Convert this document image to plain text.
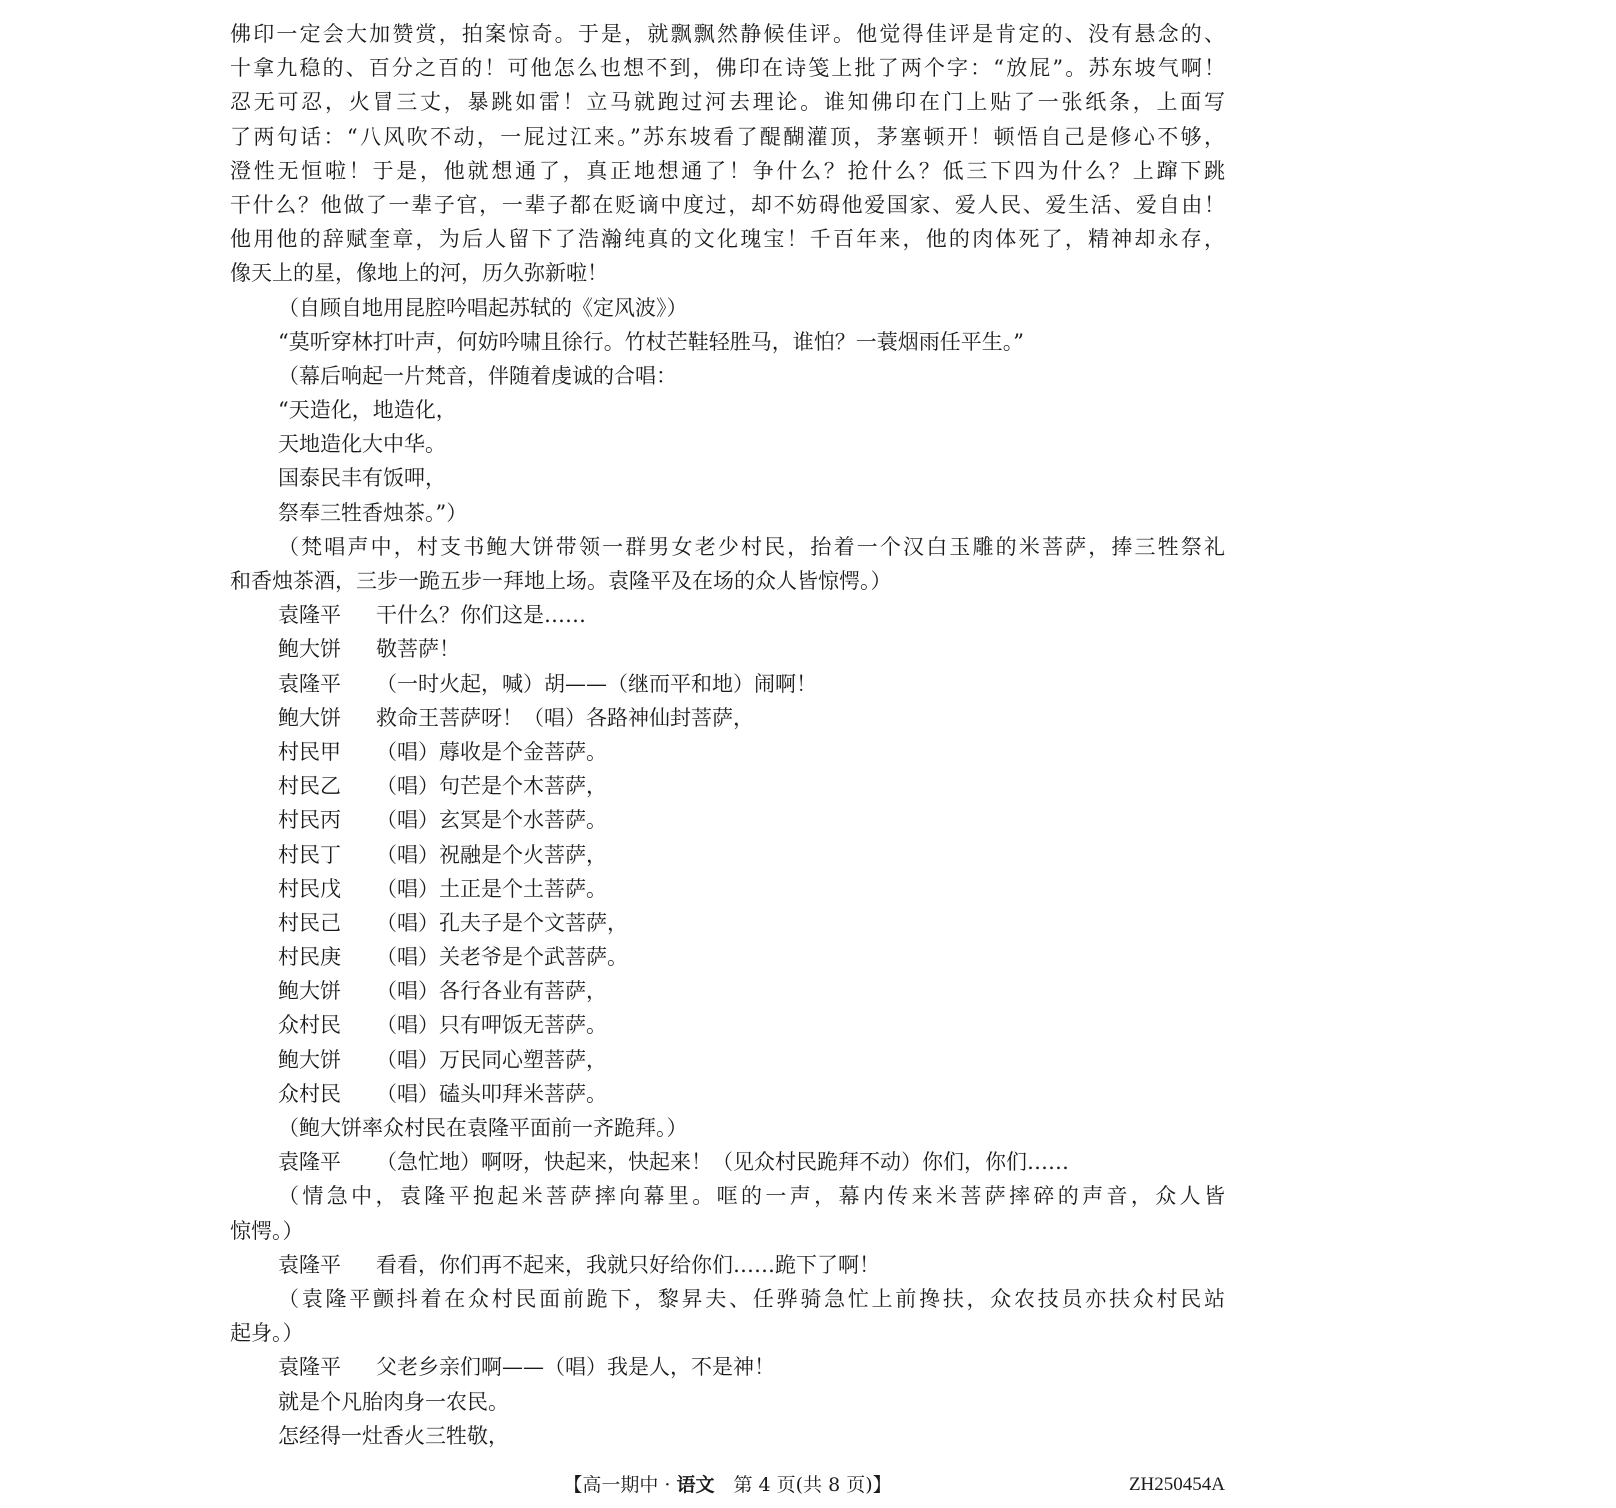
佛印一定会大加赞赏，拍案惊奇。于是，就飘飘然静候佳评。他觉得佳评是肯定的、没有悬念的、
十拿九稳的、百分之百的！可他怎么也想不到，佛印在诗笺上批了两个字：“放屁”。苏东坡气啊！
忍无可忍，火冒三丈，暴跳如雷！立马就跑过河去理论。谁知佛印在门上贴了一张纸条，上面写
了两句话：“八风吹不动，一屁过江来。”苏东坡看了醍醐灌顶，茅塞顿开！顿悟自己是修心不够，
澄性无恒啦！于是，他就想通了，真正地想通了！争什么？抢什么？低三下四为什么？上蹿下跳
干什么？他做了一辈子官，一辈子都在贬谪中度过，却不妨碍他爱国家、爱人民、爱生活、爱自由！
他用他的辞赋奎章，为后人留下了浩瀚纯真的文化瑰宝！千百年来，他的肉体死了，精神却永存，
像天上的星，像地上的河，历久弥新啦！
（自顾自地用昆腔吟唱起苏轼的《定风波》）
“莫听穿林打叶声，何妨吟啸且徐行。竹杖芒鞋轻胜马，谁怕？一蓑烟雨任平生。”
（幕后响起一片梵音，伴随着虔诚的合唱：
“天造化，地造化，
天地造化大中华。
国泰民丰有饭呷，
祭奉三牲香烛茶。”）
（梵唱声中，村支书鲍大饼带领一群男女老少村民，抬着一个汉白玉雕的米菩萨，捧三牲祭礼
和香烛茶酒，三步一跪五步一拜地上场。袁隆平及在场的众人皆惊愕。）
袁隆平 干什么？你们这是……
鲍大饼 敬菩萨！
袁隆平 （一时火起，喊）胡——（继而平和地）闹啊！
鲍大饼 救命王菩萨呀！（唱）各路神仙封菩萨，
村民甲 （唱）蓐收是个金菩萨。
村民乙 （唱）句芒是个木菩萨，
村民丙 （唱）玄冥是个水菩萨。
村民丁 （唱）祝融是个火菩萨，
村民戊 （唱）土正是个土菩萨。
村民己 （唱）孔夫子是个文菩萨，
村民庚 （唱）关老爷是个武菩萨。
鲍大饼 （唱）各行各业有菩萨，
众村民 （唱）只有呷饭无菩萨。
鲍大饼 （唱）万民同心塑菩萨，
众村民 （唱）磕头叩拜米菩萨。
（鲍大饼率众村民在袁隆平面前一齐跪拜。）
袁隆平 （急忙地）啊呀，快起来，快起来！（见众村民跪拜不动）你们，你们……
（情急中，袁隆平抱起米菩萨摔向幕里。哐的一声，幕内传来米菩萨摔碎的声音，众人皆
惊愕。）
袁隆平 看看，你们再不起来，我就只好给你们……跪下了啊！
（袁隆平颤抖着在众村民面前跪下，黎昇夫、任骅骑急忙上前搀扶，众农技员亦扶众村民站
起身。）
袁隆平 父老乡亲们啊——（唱）我是人，不是神！
就是个凡胎肉身一农民。
怎经得一灶香火三牲敬，
【高一期中 · 语文　第 4 页(共 8 页)】	ZH250454A
